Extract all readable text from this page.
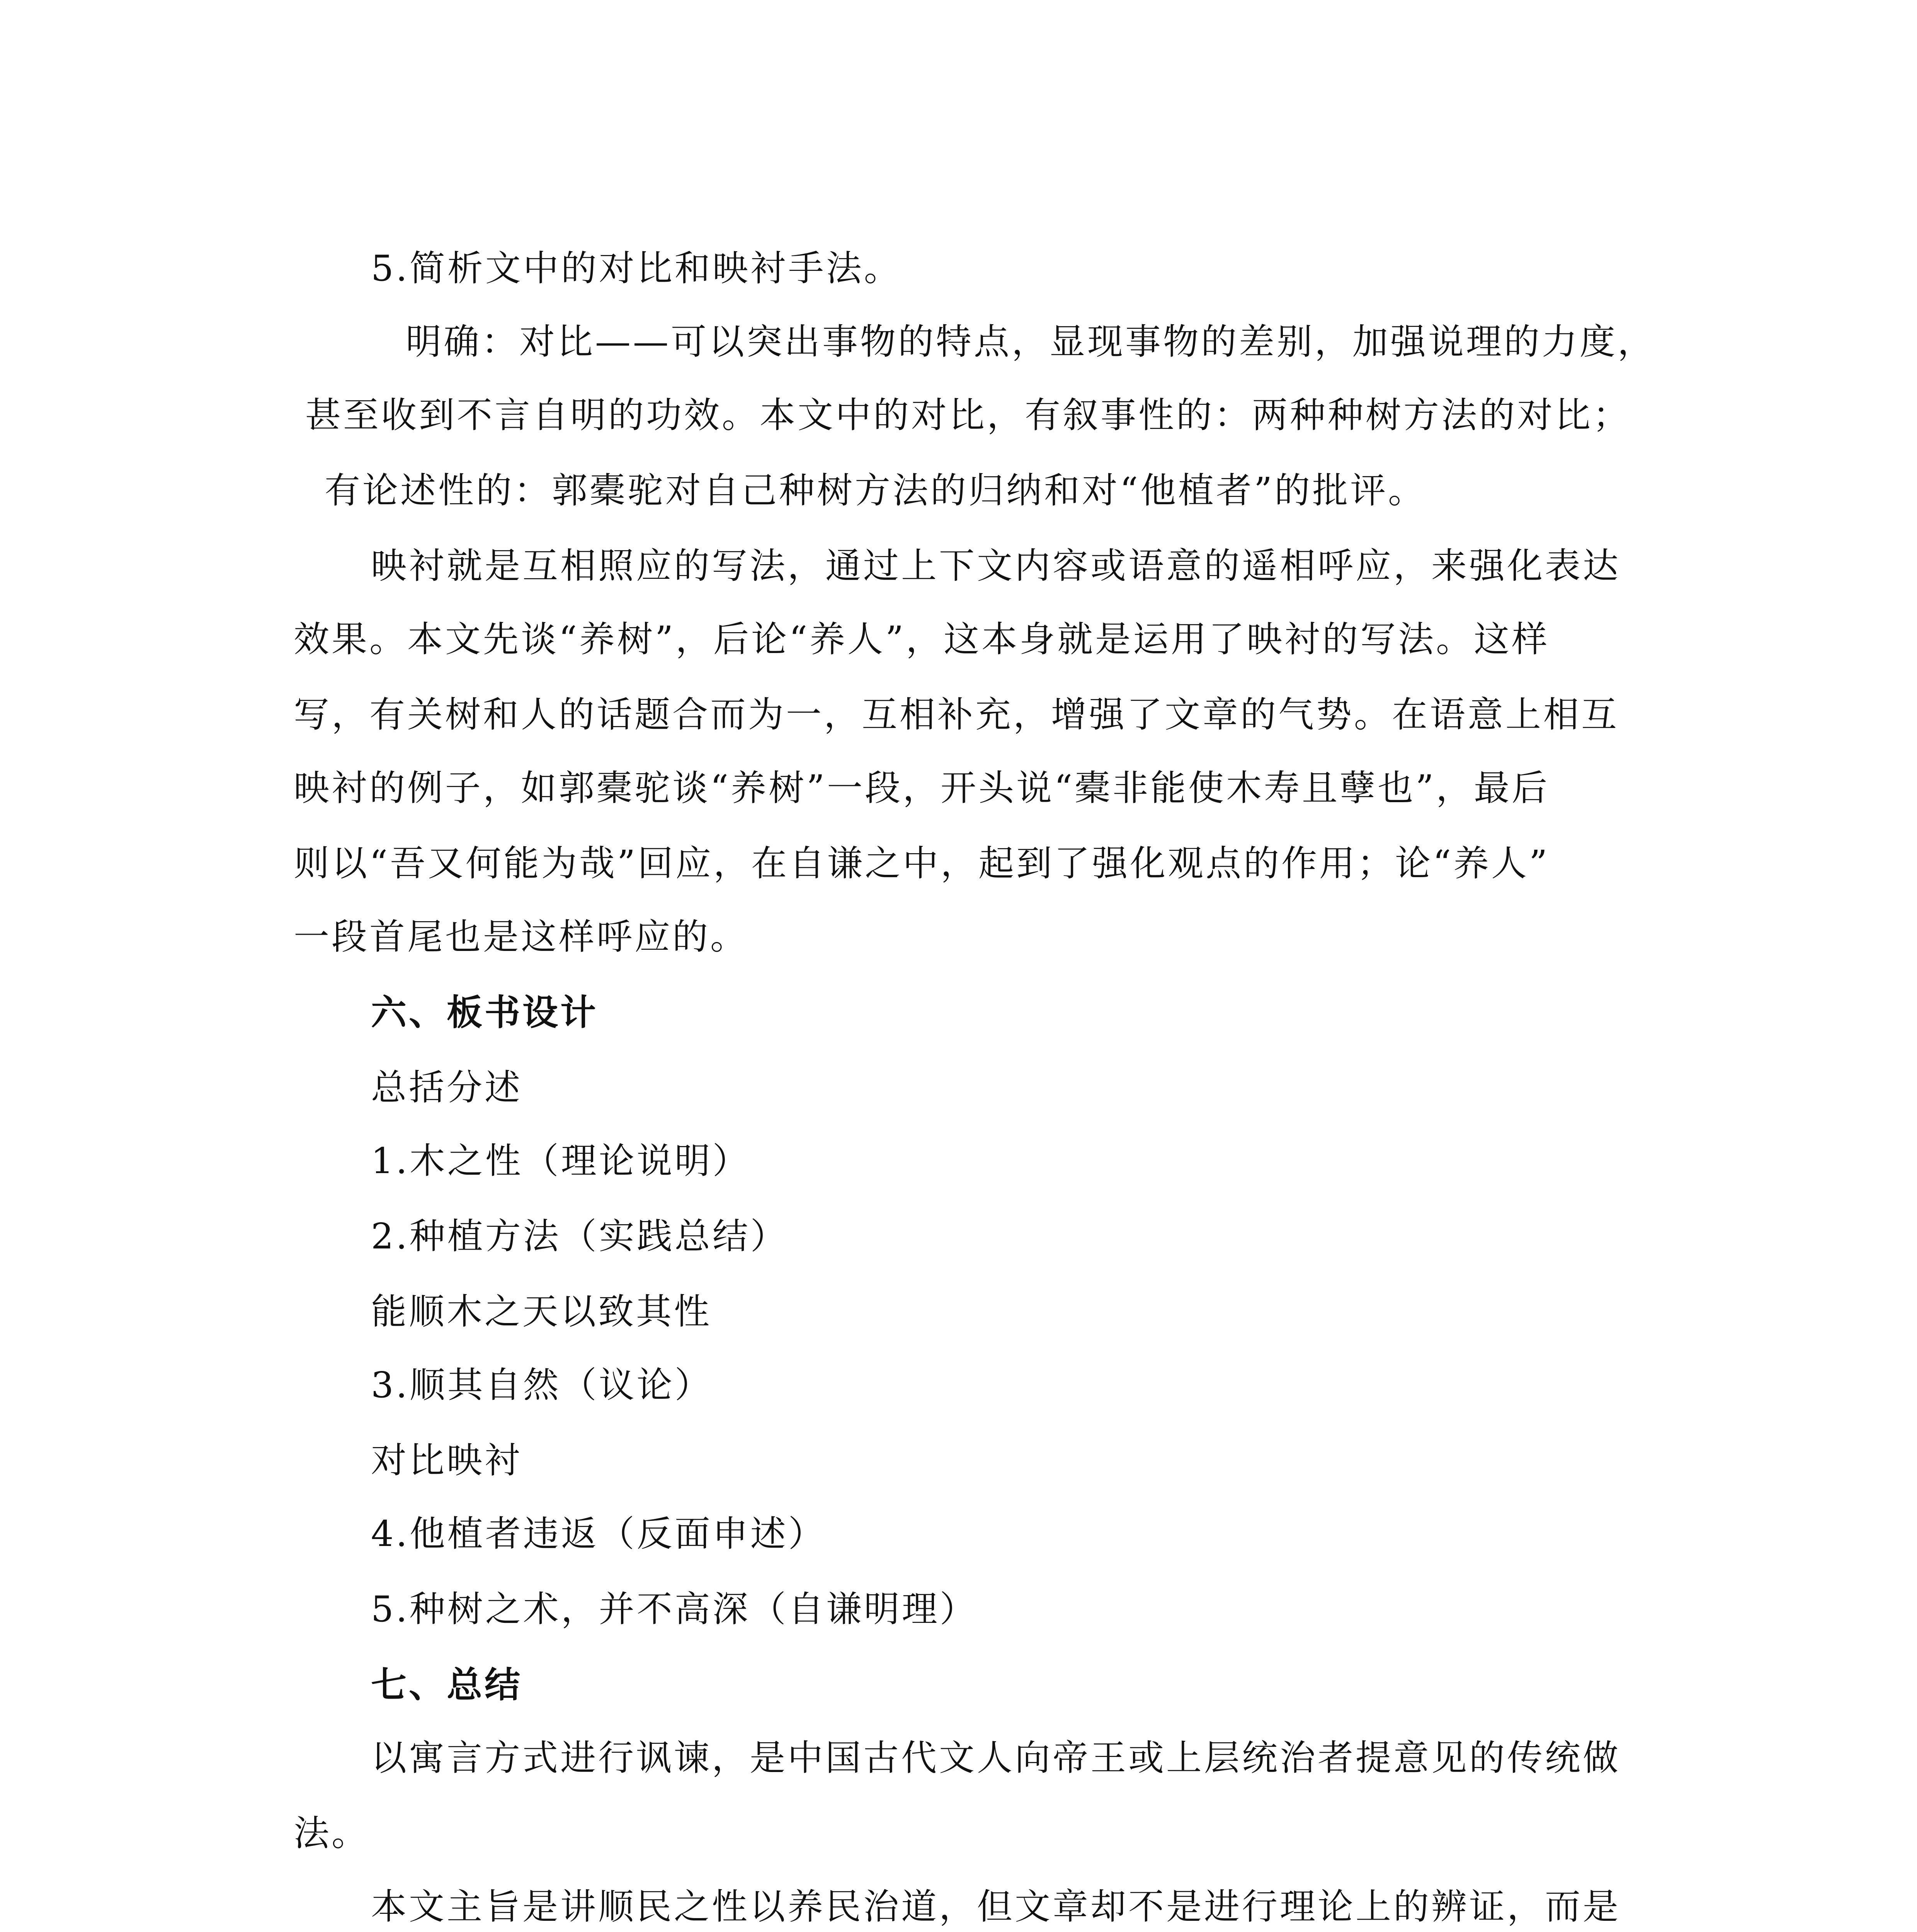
5.简析文中的对比和映衬手法。
明确：对比——可以突出事物的特点，显现事物的差别，加强说理的力度，
甚至收到不言自明的功效。本文中的对比，有叙事性的：两种种树方法的对比；
有论述性的：郭橐驼对自己种树方法的归纳和对“他植者”的批评。
映衬就是互相照应的写法，通过上下文内容或语意的遥相呼应，来强化表达
效果。本文先谈“养树”，后论“养人”，这本身就是运用了映衬的写法。这样
写，有关树和人的话题合而为一，互相补充，增强了文章的气势。在语意上相互
映衬的例子，如郭橐驼谈“养树”一段，开头说“橐非能使木寿且孽也”，最后
则以“吾又何能为哉”回应，在自谦之中，起到了强化观点的作用；论“养人”
一段首尾也是这样呼应的。
六、板书设计
总括分述
1.木之性（理论说明）
2.种植方法（实践总结）
能顺木之天以致其性
3.顺其自然（议论）
对比映衬
4.他植者违返（反面申述）
5.种树之术，并不高深（自谦明理）
七、总结
以寓言方式进行讽谏，是中国古代文人向帝王或上层统治者提意见的传统做
法。
本文主旨是讲顺民之性以养民治道，但文章却不是进行理论上的辨证，而是
